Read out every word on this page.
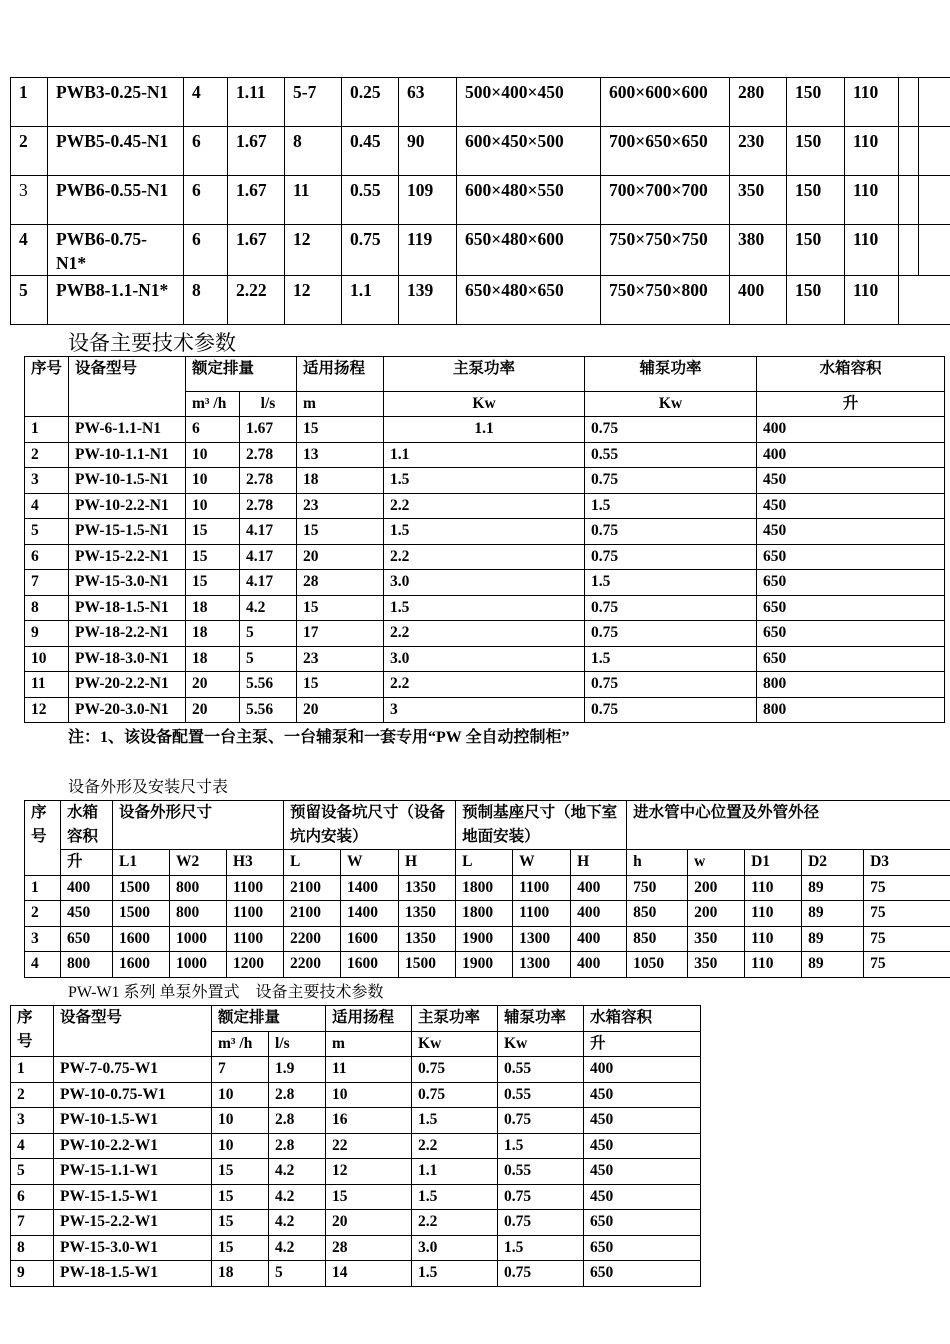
1	PWB3-0.25-N1	4	1.11	5-7	0.25	63	500×400×450	600×600×600	280	150	110		
2	PWB5-0.45-N1	6	1.67	8	0.45	90	600×450×500	700×650×650	230	150	110		
3	PWB6-0.55-N1	6	1.67	11	0.55	109	600×480×550	700×700×700	350	150	110		
4	PWB6-0.75-N1*	6	1.67	12	0.75	119	650×480×600	750×750×750	380	150	110		
5	PWB8-1.1-N1*	8	2.22	12	1.1	139	650×480×650	750×750×800	400	150	110		
设备主要技术参数
序号	设备型号	额定排量		适用扬程	主泵功率	辅泵功率	水箱容积
		m³ /h	l/s	m	Kw	Kw	升
1	PW-6-1.1-N1	6	1.67	15	1.1	0.75	400
2	PW-10-1.1-N1	10	2.78	13	1.1	0.55	400
3	PW-10-1.5-N1	10	2.78	18	1.5	0.75	450
4	PW-10-2.2-N1	10	2.78	23	2.2	1.5	450
5	PW-15-1.5-N1	15	4.17	15	1.5	0.75	450
6	PW-15-2.2-N1	15	4.17	20	2.2	0.75	650
7	PW-15-3.0-N1	15	4.17	28	3.0	1.5	650
8	PW-18-1.5-N1	18	4.2	15	1.5	0.75	650
9	PW-18-2.2-N1	18	5	17	2.2	0.75	650
10	PW-18-3.0-N1	18	5	23	3.0	1.5	650
11	PW-20-2.2-N1	20	5.56	15	2.2	0.75	800
12	PW-20-3.0-N1	20	5.56	20	3	0.75	800
注：1、该设备配置一台主泵、一台辅泵和一套专用“PW 全自动控制柜”
设备外形及安装尺寸表
序号	水箱容积	设备外形尺寸			预留设备坑尺寸（设备坑内安装）			预制基座尺寸（地下室地面安装）			进水管中心位置及外管外径				
	升	L1	W2	H3	L	W	H	L	W	H	h	w	D1	D2	D3
1	400	1500	800	1100	2100	1400	1350	1800	1100	400	750	200	110	89	75
2	450	1500	800	1100	2100	1400	1350	1800	1100	400	850	200	110	89	75
3	650	1600	1000	1100	2200	1600	1350	1900	1300	400	850	350	110	89	75
4	800	1600	1000	1200	2200	1600	1500	1900	1300	400	1050	350	110	89	75
PW-W1 系列 单泵外置式　设备主要技术参数
序号	设备型号	额定排量		适用扬程	主泵功率	辅泵功率	水箱容积
		m³ /h	l/s	m	Kw	Kw	升
1	PW-7-0.75-W1	7	1.9	11	0.75	0.55	400
2	PW-10-0.75-W1	10	2.8	10	0.75	0.55	450
3	PW-10-1.5-W1	10	2.8	16	1.5	0.75	450
4	PW-10-2.2-W1	10	2.8	22	2.2	1.5	450
5	PW-15-1.1-W1	15	4.2	12	1.1	0.55	450
6	PW-15-1.5-W1	15	4.2	15	1.5	0.75	450
7	PW-15-2.2-W1	15	4.2	20	2.2	0.75	650
8	PW-15-3.0-W1	15	4.2	28	3.0	1.5	650
9	PW-18-1.5-W1	18	5	14	1.5	0.75	650
